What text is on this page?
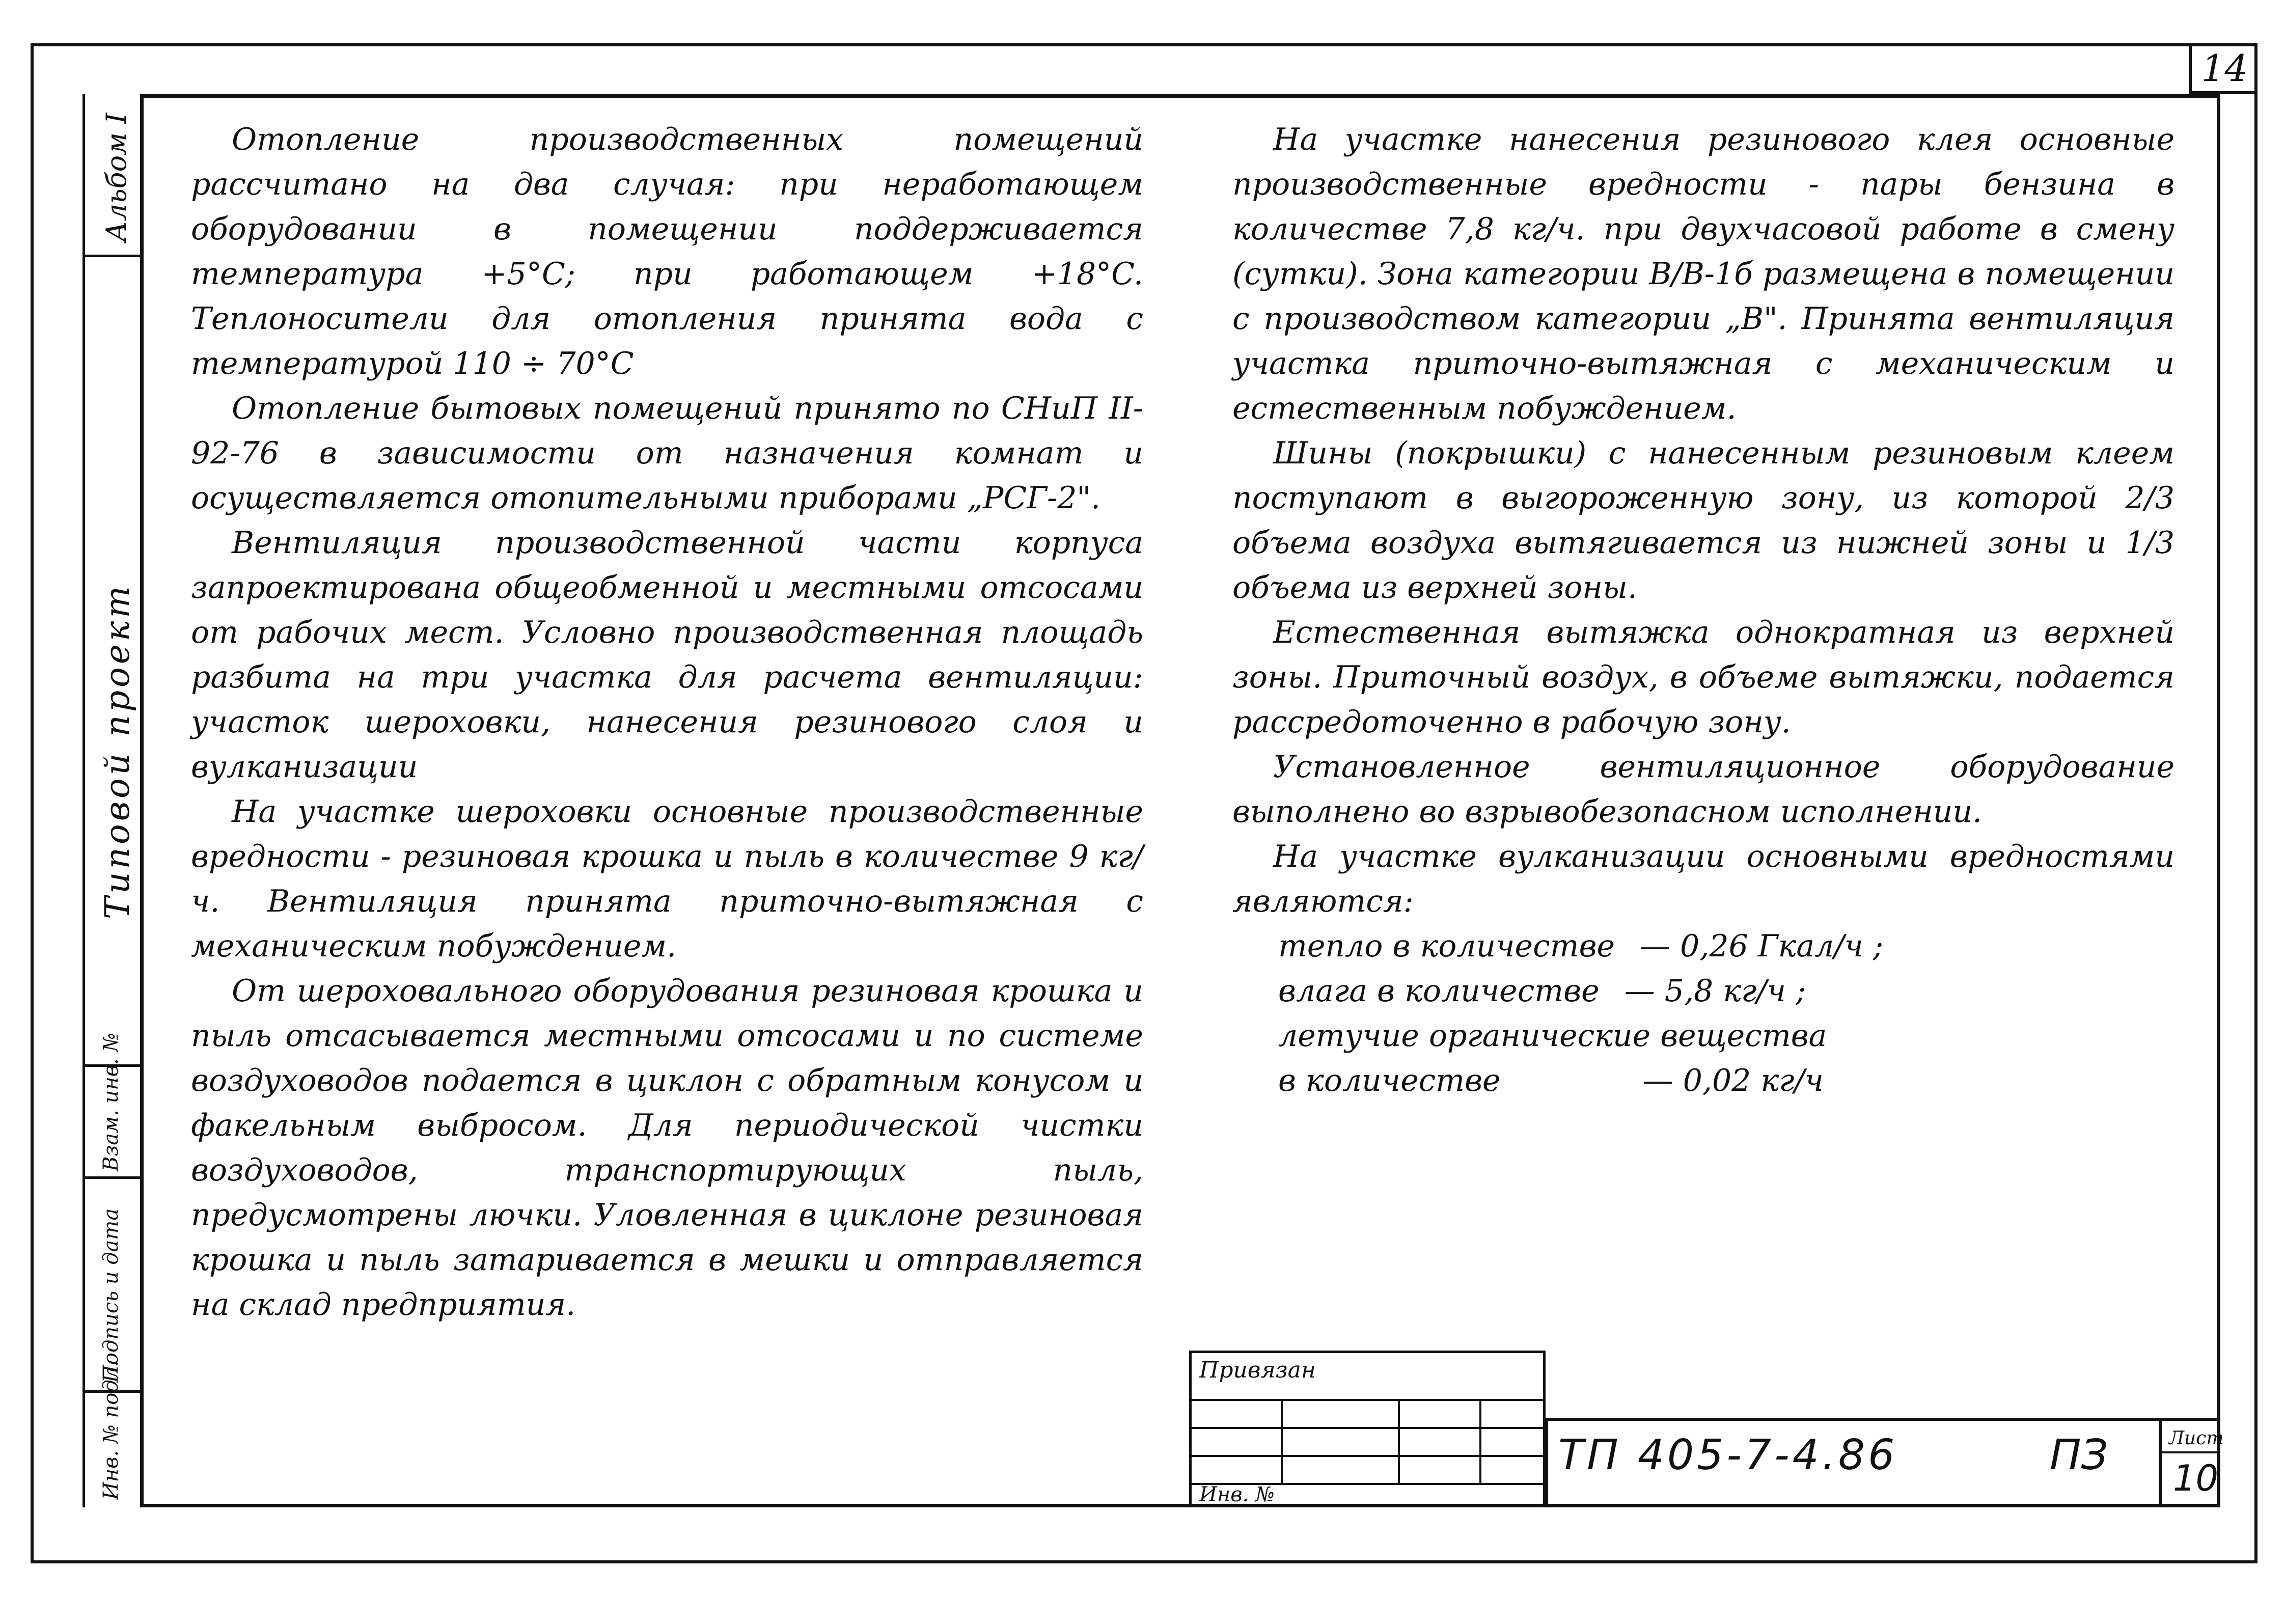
14
Альбом I
Типовой проект
Взам. инв. №
Подпись и дата
Инв. № подл.

Отопление производственных помещений рассчитано на два случая: при неработающем оборудовании в помещении поддерживается температура +5°C; при работающем +18°C. Теплоносители для отопления принята вода с температурой 110 ÷ 70°C

Отопление бытовых помещений принято по СНиП II-92-76 в зависимости от назначения комнат и осуществляется отопительными приборами „РСГ-2".

Вентиляция производственной части корпуса запроектирована общеобменной и местными отсосами от рабочих мест. Условно производственная площадь разбита на три участка для расчета вентиляции: участок шероховки, нанесения резинового слоя и вулканизации

На участке шероховки основные производственные вредности - резиновая крошка и пыль в количестве 9 кг/ч. Вентиляция принята приточно-вытяжная с механическим побуждением.

От шероховального оборудования резиновая крошка и пыль отсасывается местными отсосами и по системе воздуховодов подается в циклон с обратным конусом и факельным выбросом. Для периодической чистки воздуховодов, транспортирующих пыль, предусмотрены лючки. Уловленная в циклоне резиновая крошка и пыль затаривается в мешки и отправляется на склад предприятия.

На участке нанесения резинового клея основные производственные вредности - пары бензина в количестве 7,8 кг/ч. при двухчасовой работе в смену (сутки). Зона категории В/В-1б размещена в помещении с производством категории „В". Принята вентиляция участка приточно-вытяжная с механическим и естественным побуждением.

Шины (покрышки) с нанесенным резиновым клеем поступают в выгороженную зону, из которой 2/3 объема воздуха вытягивается из нижней зоны и 1/3 объема из верхней зоны.

Естественная вытяжка однократная из верхней зоны. Приточный воздух, в объеме вытяжки, подается рассредоточенно в рабочую зону.

Установленное вентиляционное оборудование выполнено во взрывобезопасном исполнении.

На участке вулканизации основными вредностями являются:

тепло в количестве — 0,26 Гкал/ч ;
влага в количестве — 5,8 кг/ч ;
летучие органические вещества
в количестве	— 0,02 кг/ч
Привязан
Инв. №
ТП 405-7-4.86	ПЗ	Лист
10
